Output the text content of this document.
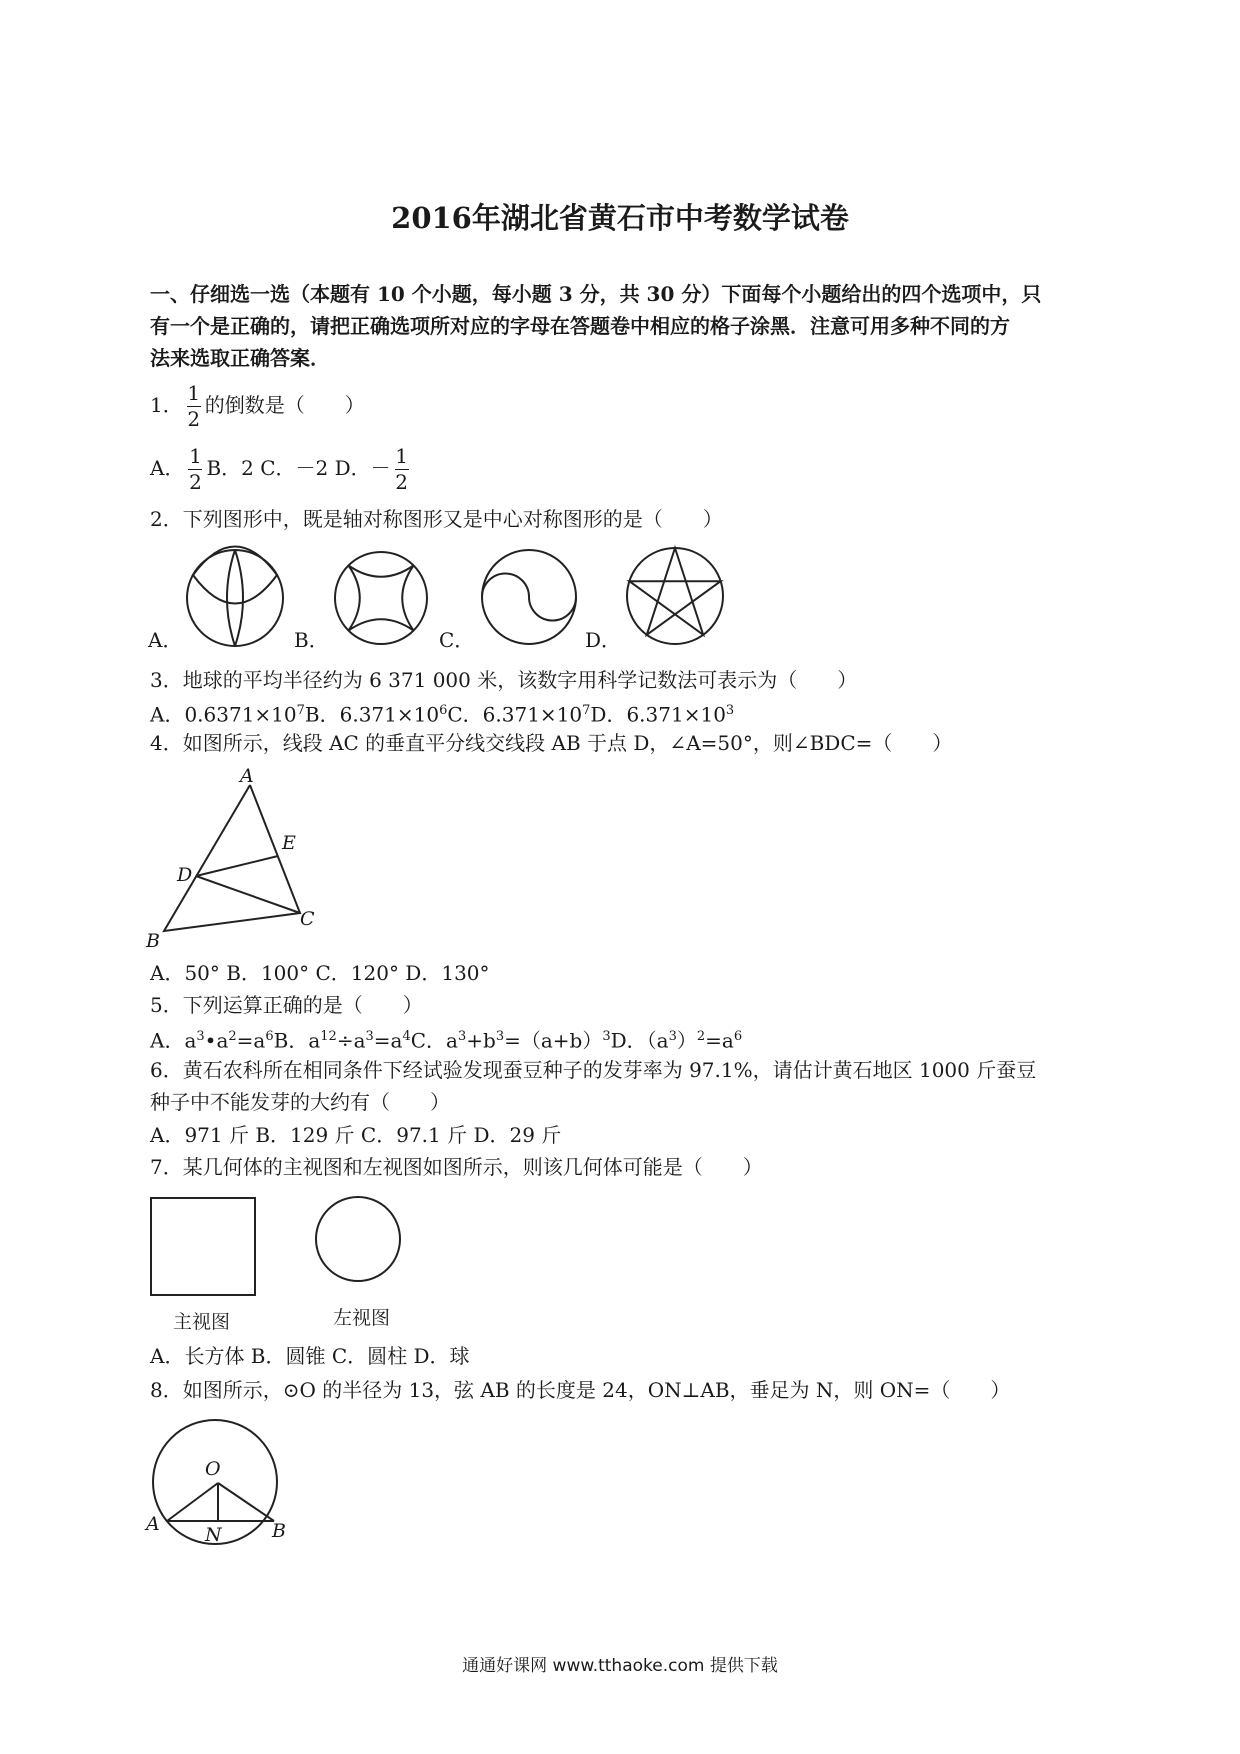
2016年湖北省黄石市中考数学试卷
一、仔细选一选（本题有 10 个小题，每小题 3 分，共 30 分）下面每个小题给出的四个选项中，只
有一个是正确的，请把正确选项所对应的字母在答题卷中相应的格子涂黑．注意可用多种不同的方
法来选取正确答案．
1． $\frac{1}{2}$ 的倒数是（　　）
A． $\frac{1}{2}$ B．2 C．－2 D．－ $\frac{1}{2}$
2．下列图形中，既是轴对称图形又是中心对称图形的是（　　）
A．	B．	C．	D．
3．地球的平均半径约为 6 371 000 米，该数字用科学记数法可表示为（　　）
A．$0.6371\times 10^7B$．$6.371\times 10^6C$．$6.371\times 10^7D$．$6.371\times 10^3$
4．如图所示，线段 AC 的垂直平分线交线段 AB 于点 D，∠A=50°，则∠BDC=（　　）
A
E
D
C
B
A．50° B．100° C．120° D．130°
5．下列运算正确的是（　　）
A．$a^3•a^2=a^6B$．$a^{12}\div a^3=a^4C$．$a^3+b^3=(a+b)^3D$．$(a^3)^2=a^6$
6．黄石农科所在相同条件下经试验发现蚕豆种子的发芽率为 97.1%，请估计黄石地区 1000 斤蚕豆
种子中不能发芽的大约有（　　）
A．971 斤 B．129 斤 C．97.1 斤 D．29 斤
7．某几何体的主视图和左视图如图所示，则该几何体可能是（　　）
主视图	左视图
A．长方体 B．圆锥 C．圆柱 D．球
8．如图所示，⊙O 的半径为 13，弦 AB 的长度是 24，ON⊥AB，垂足为 N，则 ON=（　　）
O
A	B
N
通通好课网 www.tthaoke.com 提供下载
